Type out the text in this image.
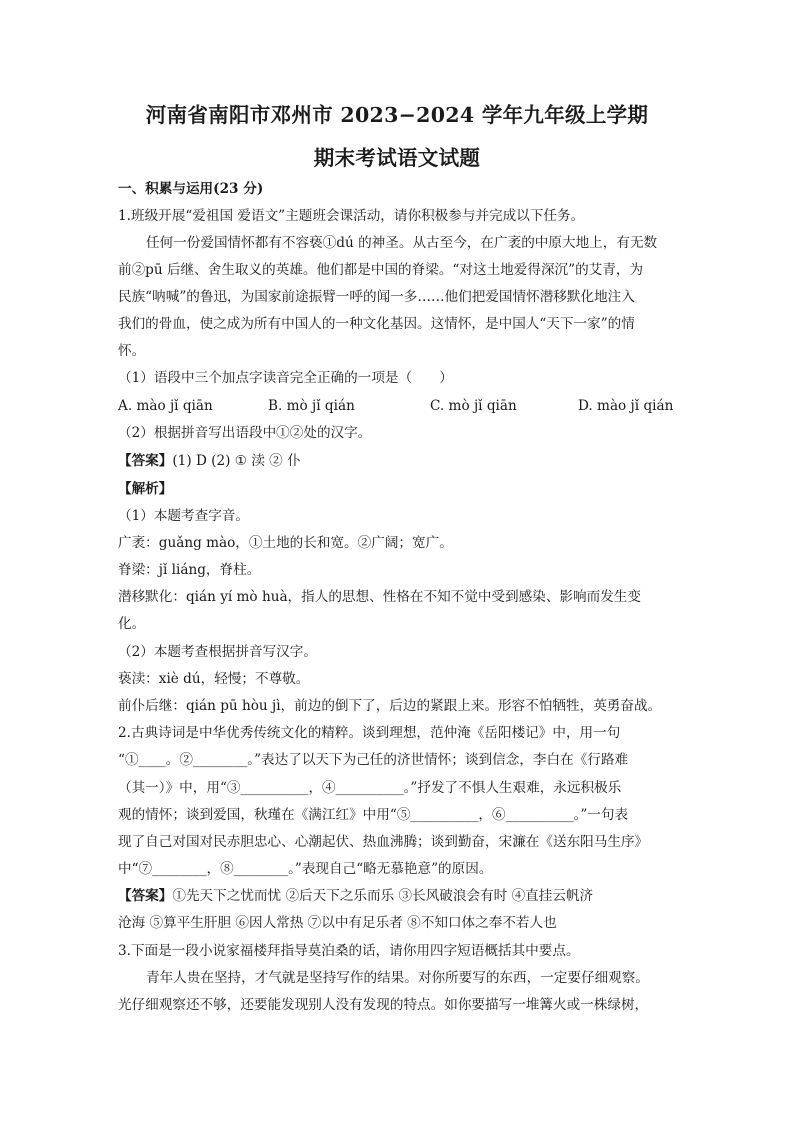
河南省南阳市邓州市 2023−2024 学年九年级上学期
期末考试语文试题
一、积累与运用(23 分)
1.班级开展“爱祖国 爱语文”主题班会课活动，请你积极参与并完成以下任务。
任何一份爱国情怀都有不容亵①dú 的神圣。从古至今，在广袤的中原大地上，有无数
前②pū 后继、舍生取义的英雄。他们都是中国的脊梁。“对这土地爱得深沉”的艾青，为
民族“呐喊”的鲁迅，为国家前途振臂一呼的闻一多……他们把爱国情怀潜移默化地注入
我们的骨血，使之成为所有中国人的一种文化基因。这情怀，是中国人“天下一家”的情
怀。
（1）语段中三个加点字读音完全正确的一项是（　　）
A. mào jǐ qiān	B. mò jǐ qián	C. mò jǐ qiān	D. mào jǐ qián
（2）根据拼音写出语段中①②处的汉字。
【答案】(1) D (2) ① 渎 ② 仆
【解析】
（1）本题考查字音。
广袤：guǎng mào，①土地的长和宽。②广阔；宽广。
脊梁：jǐ liáng，脊柱。
潜移默化：qián yí mò huà，指人的思想、性格在不知不觉中受到感染、影响而发生变
化。
（2）本题考查根据拼音写汉字。
亵渎：xiè dú，轻慢；不尊敬。
前仆后继：qián pū hòu jì，前边的倒下了，后边的紧跟上来。形容不怕牺牲，英勇奋战。
2.古典诗词是中华优秀传统文化的精粹。谈到理想，范仲淹《岳阳楼记》中，用一句
“①____。②________。”表达了以天下为己任的济世情怀；谈到信念，李白在《行路难
（其一）》中，用“③__________，④__________。”抒发了不惧人生艰难，永远积极乐
观的情怀；谈到爱国，秋瑾在《满江红》中用“⑤__________，⑥__________。”一句表
现了自己对国对民赤胆忠心、心潮起伏、热血沸腾；谈到勤奋，宋濂在《送东阳马生序》
中“⑦________，⑧________。”表现自己“略无慕艳意”的原因。
【答案】①先天下之忧而忧 ②后天下之乐而乐 ③长风破浪会有时 ④直挂云帆济
沧海 ⑤算平生肝胆 ⑥因人常热 ⑦以中有足乐者 ⑧不知口体之奉不若人也
3.下面是一段小说家福楼拜指导莫泊桑的话，请你用四字短语概括其中要点。
青年人贵在坚持，才气就是坚持写作的结果。对你所要写的东西，一定要仔细观察。
光仔细观察还不够，还要能发现别人没有发现的特点。如你要描写一堆篝火或一株绿树，
